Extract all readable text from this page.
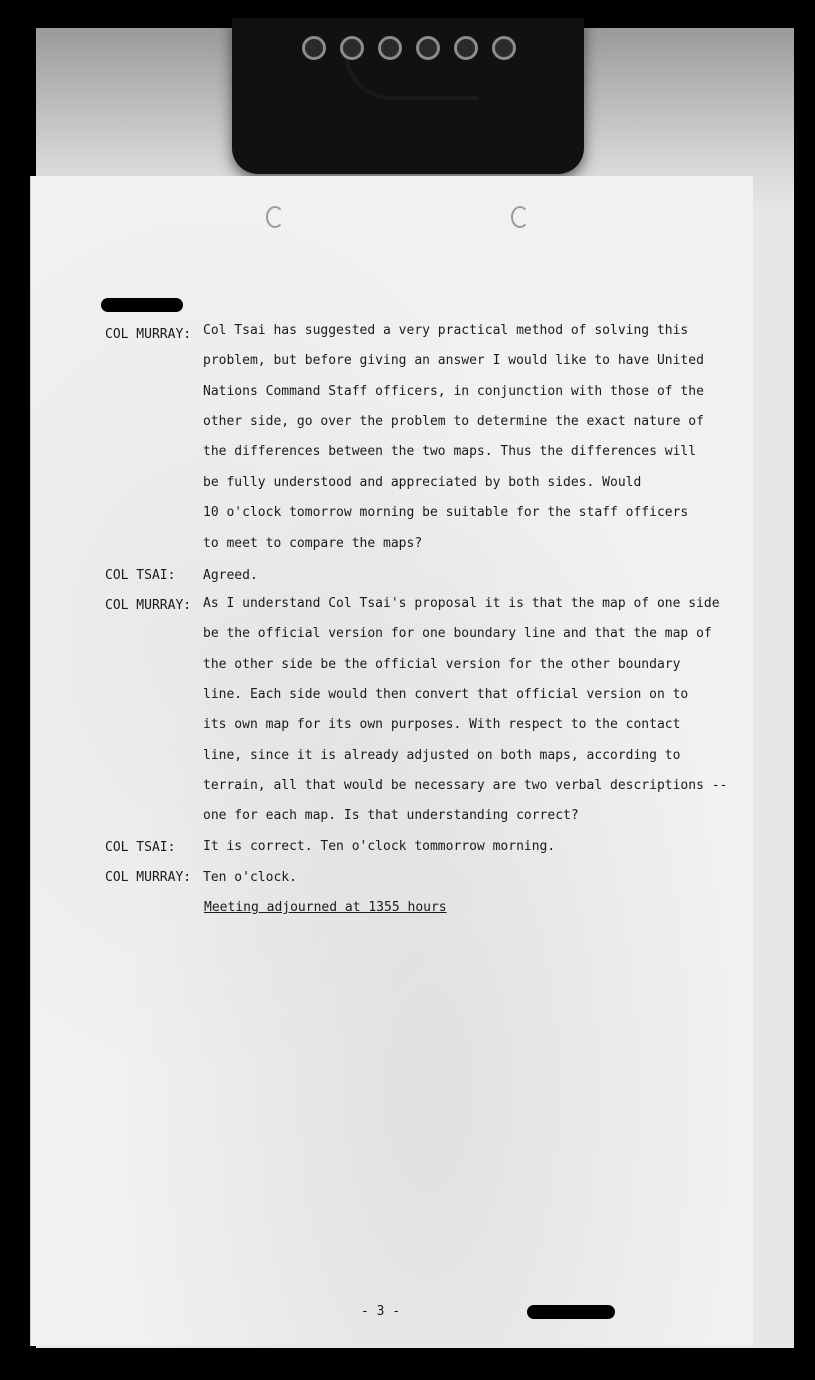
COL MURRAY: Col Tsai has suggested a very practical method of solving this
problem, but before giving an answer I would like to have United
Nations Command Staff officers, in conjunction with those of the
other side, go over the problem to determine the exact nature of
the differences between the two maps. Thus the differences will
be fully understood and appreciated by both sides. Would
10 o'clock tomorrow morning be suitable for the staff officers
to meet to compare the maps?
COL TSAI: Agreed.
COL MURRAY: As I understand Col Tsai's proposal it is that the map of one side
be the official version for one boundary line and that the map of
the other side be the official version for the other boundary
line. Each side would then convert that official version on to
its own map for its own purposes. With respect to the contact
line, since it is already adjusted on both maps, according to
terrain, all that would be necessary are two verbal descriptions --
one for each map. Is that understanding correct?
COL TSAI: It is correct. Ten o'clock tommorrow morning.
COL MURRAY: Ten o'clock.
Meeting adjourned at 1355 hours
- 3 -
